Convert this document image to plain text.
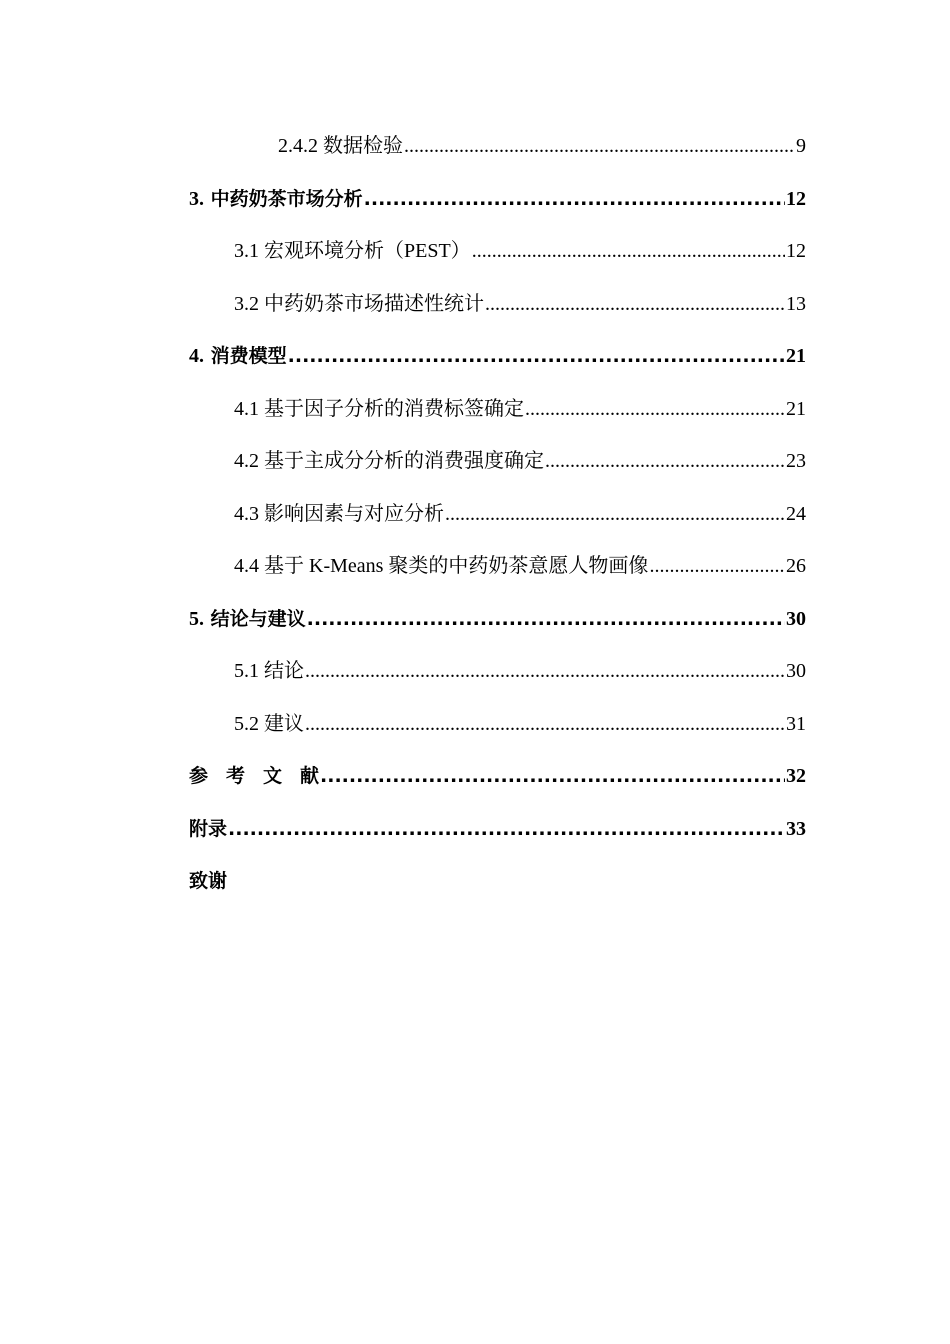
2.4.2 数据检验 .....	9
3. 中药奶茶市场分析 .....	12
3.1 宏观环境分析（PEST） .....	12
3.2 中药奶茶市场描述性统计 .....	13
4. 消费模型 .....	21
4.1 基于因子分析的消费标签确定 .....	21
4.2 基于主成分分析的消费强度确定 .....	23
4.3 影响因素与对应分析 .....	24
4.4 基于 K-Means 聚类的中药奶茶意愿人物画像 .....	26
5. 结论与建议 .....	30
5.1 结论 .....	30
5.2 建议 .....	31
参考文献 .....	32
附录 .....	33
致谢
